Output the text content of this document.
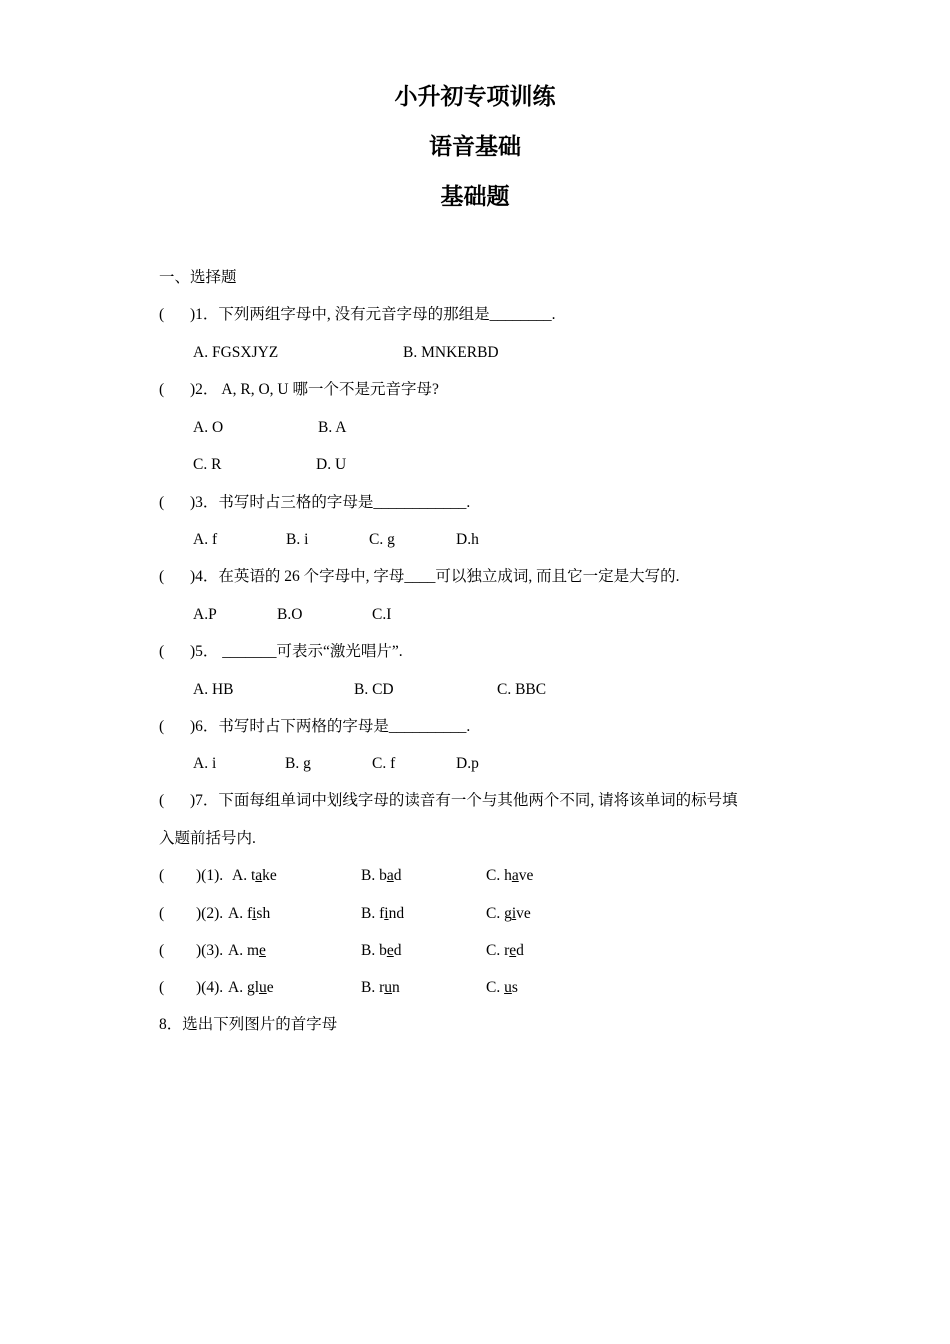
小升初专项训练
语音基础
基础题
一、选择题
( )1．下列两组字母中, 没有元音字母的那组是________.
A. FGSXJYZ	B. MNKERBD
( )2． A, R, O, U 哪一个不是元音字母?
A. O	B. A
C. R	D. U
( )3．书写时占三格的字母是____________.
A. f	B. i	C. g	D.h
( )4．在英语的 26 个字母中, 字母____可以独立成词, 而且它一定是大写的.
A.P	B.O	C.I
( )5． _______可表示“激光唱片”.
A. HB	B. CD	C. BBC
( )6．书写时占下两格的字母是__________.
A. i	B. g	C. f	D.p
( )7．下面每组单词中划线字母的读音有一个与其他两个不同, 请将该单词的标号填
入题前括号内.
( )(1). A. take	B. bad	C. have
( )(2). A. fish	B. find	C. give
( )(3). A. me	B. bed	C. red
( )(4). A. glue	B. run	C. us
8．选出下列图片的首字母
